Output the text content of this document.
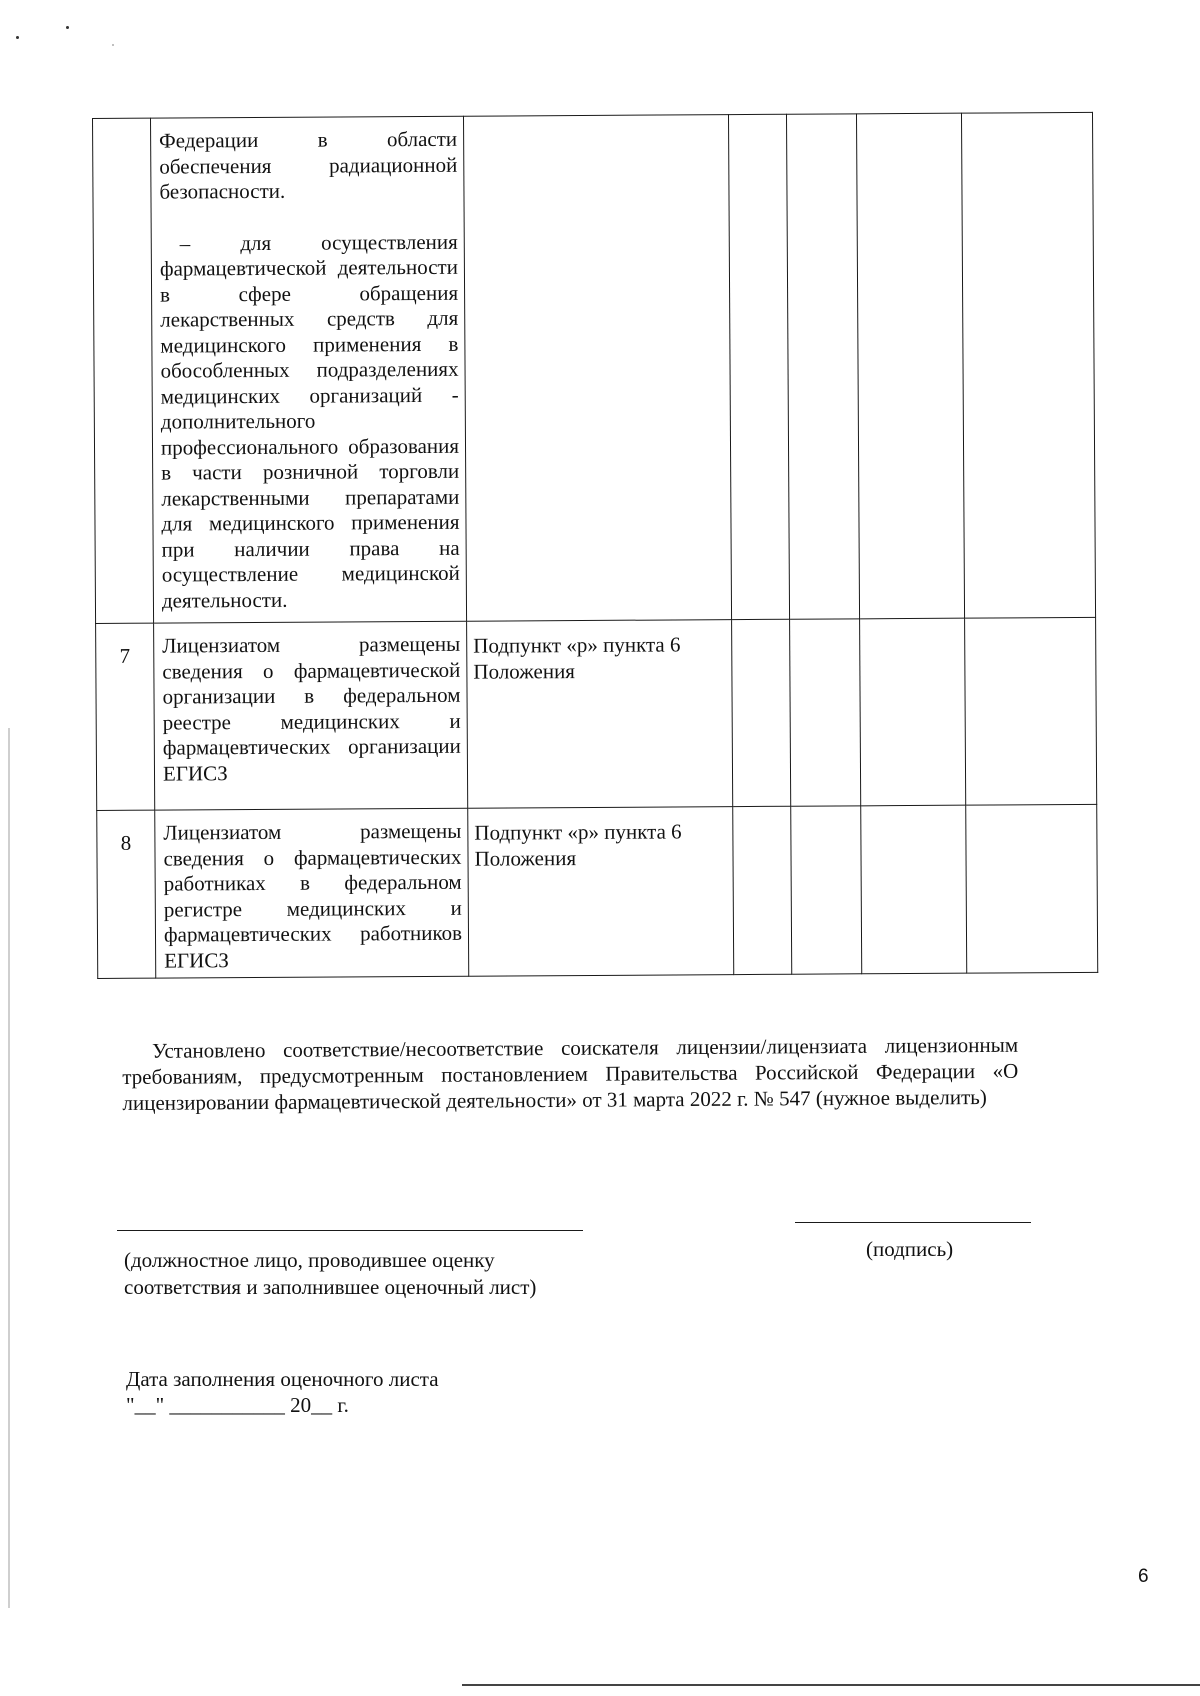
	Федерации в области обеспечения радиационной безопасности.

– для осуществления фармацевтической деятельности в сфере обращения лекарственных средств для медицинского применения в обособленных подразделениях медицинских организаций - дополнительного профессионального образования в части розничной торговли лекарственными препаратами для медицинского применения при наличии права на осуществление медицинской деятельности.					

7	Лицензиатом размещены сведения о фармацевтической организации в федеральном реестре медицинских и фармацевтических организации ЕГИСЗ	Подпункт «р» пункта 6 Положения				
8	Лицензиатом размещены сведения о фармацевтических работниках в федеральном регистре медицинских и фармацевтических работников ЕГИСЗ	Подпункт «р» пункта 6 Положения				
Установлено соответствие/несоответствие соискателя лицензии/лицензиата лицензионным требованиям, предусмотренным постановлением Правительства Российской Федерации «О лицензировании фармацевтической деятельности» от 31 марта 2022 г. № 547 (нужное выделить)
(должностное лицо, проводившее оценку
соответствия и заполнившее оценочный лист)
(подпись)
Дата заполнения оценочного листа
"__" ___________ 20__ г.
6
